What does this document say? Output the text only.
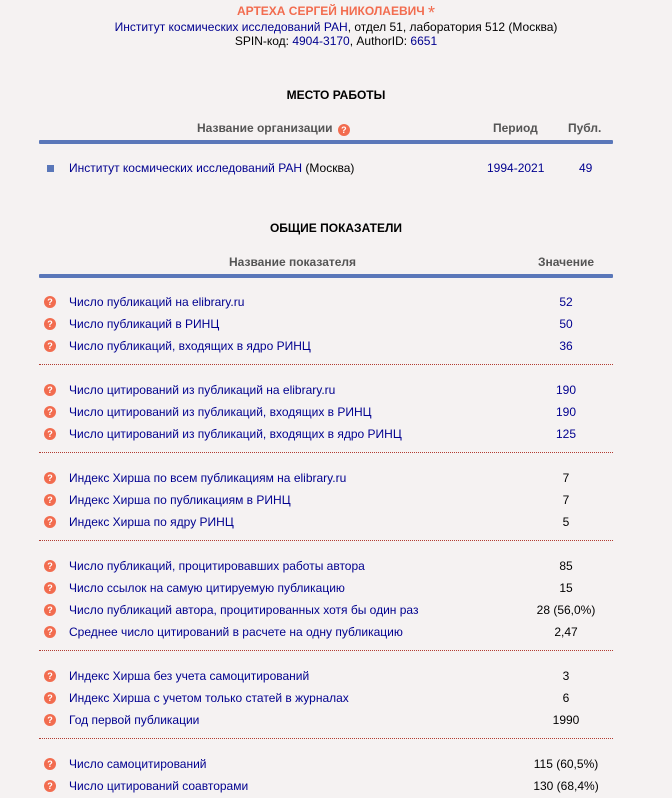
АРТЕХА СЕРГЕЙ НИКОЛАЕВИЧ *
Институт космических исследований РАН, отдел 51, лаборатория 512 (Москва)
SPIN-код: 4904-3170, AuthorID: 6651
МЕСТО РАБОТЫ
Название организации ?	Период	Публ.
Институт космических исследований РАН (Москва)	1994-2021	49
ОБЩИЕ ПОКАЗАТЕЛИ
Название показателя	Значение
? Число публикаций на elibrary.ru	52
? Число публикаций в РИНЦ	50
? Число публикаций, входящих в ядро РИНЦ	36
? Число цитирований из публикаций на elibrary.ru	190
? Число цитирований из публикаций, входящих в РИНЦ	190
? Число цитирований из публикаций, входящих в ядро РИНЦ	125
? Индекс Хирша по всем публикациям на elibrary.ru	7
? Индекс Хирша по публикациям в РИНЦ	7
? Индекс Хирша по ядру РИНЦ	5
? Число публикаций, процитировавших работы автора	85
? Число ссылок на самую цитируемую публикацию	15
? Число публикаций автора, процитированных хотя бы один раз	28 (56,0%)
? Среднее число цитирований в расчете на одну публикацию	2,47
? Индекс Хирша без учета самоцитирований	3
? Индекс Хирша с учетом только статей в журналах	6
? Год первой публикации	1990
? Число самоцитирований	115 (60,5%)
? Число цитирований соавторами	130 (68,4%)
